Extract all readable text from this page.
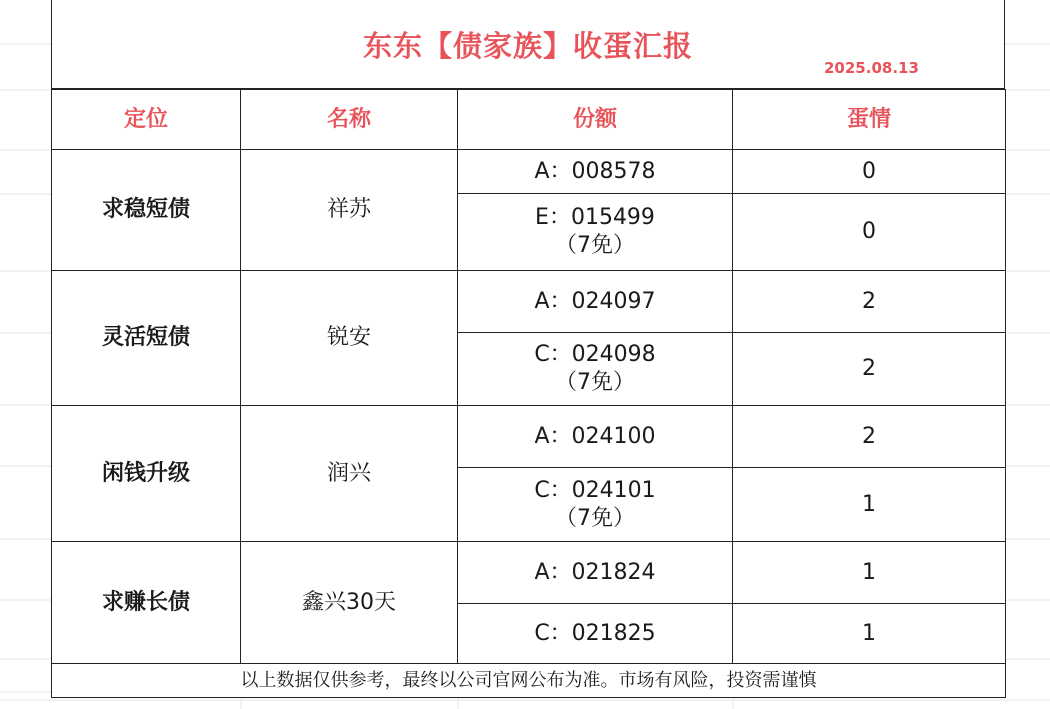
东东【债家族】收蛋汇报
2025.08.13
定位	名称	份额	蛋情
求稳短债	祥苏	A：008578	0

		E：015499
（7免）	0
灵活短债	锐安	A：024097	2

		C：024098
（7免）	2
闲钱升级	润兴	A：024100	2

		C：024101
（7免）	1
求赚长债	鑫兴30天	A：021824	1

		C：021825	1
以上数据仅供参考，最终以公司官网公布为准。市场有风险，投资需谨慎			
